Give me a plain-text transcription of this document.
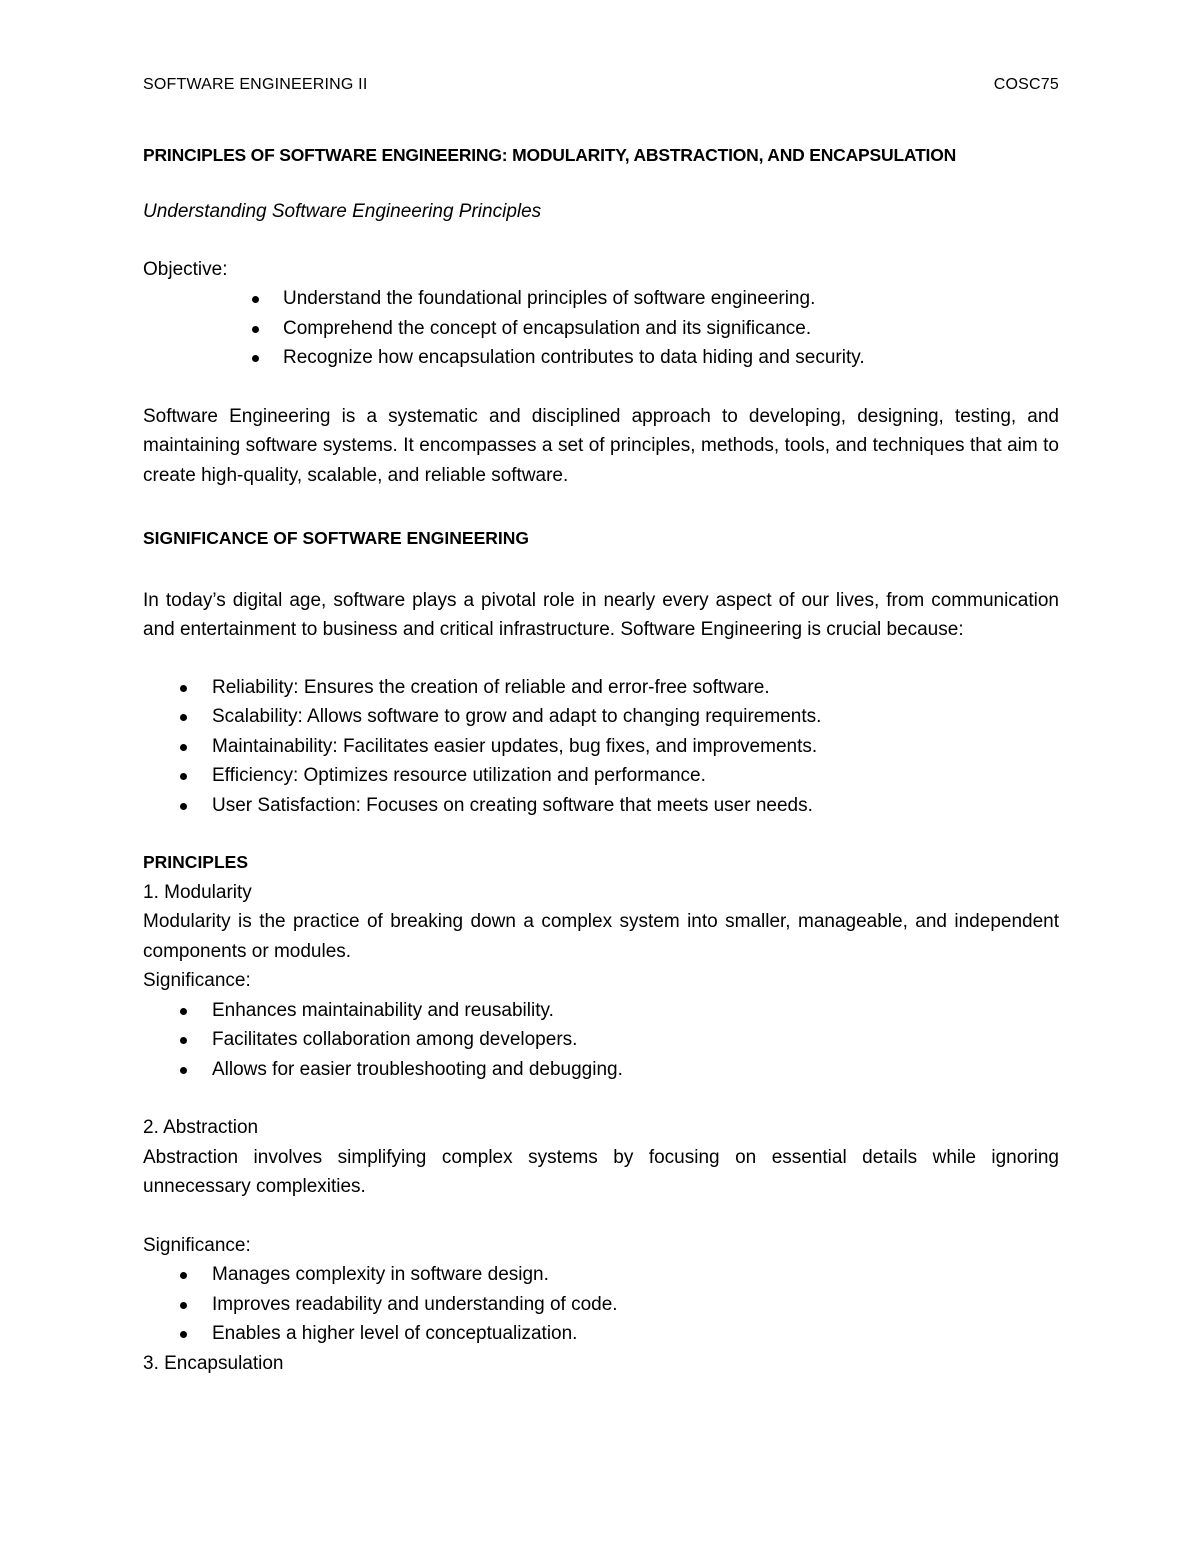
SOFTWARE ENGINEERING II	COSC75
PRINCIPLES OF SOFTWARE ENGINEERING: MODULARITY, ABSTRACTION, AND ENCAPSULATION
Understanding Software Engineering Principles
Objective:
Understand the foundational principles of software engineering.
Comprehend the concept of encapsulation and its significance.
Recognize how encapsulation contributes to data hiding and security.
Software Engineering is a systematic and disciplined approach to developing, designing, testing, and maintaining software systems. It encompasses a set of principles, methods, tools, and techniques that aim to create high-quality, scalable, and reliable software.
SIGNIFICANCE OF SOFTWARE ENGINEERING
In today’s digital age, software plays a pivotal role in nearly every aspect of our lives, from communication and entertainment to business and critical infrastructure. Software Engineering is crucial because:
Reliability: Ensures the creation of reliable and error-free software.
Scalability: Allows software to grow and adapt to changing requirements.
Maintainability: Facilitates easier updates, bug fixes, and improvements.
Efficiency: Optimizes resource utilization and performance.
User Satisfaction: Focuses on creating software that meets user needs.
PRINCIPLES
1. Modularity
Modularity is the practice of breaking down a complex system into smaller, manageable, and independent components or modules.
Significance:
Enhances maintainability and reusability.
Facilitates collaboration among developers.
Allows for easier troubleshooting and debugging.
2. Abstraction
Abstraction involves simplifying complex systems by focusing on essential details while ignoring unnecessary complexities.
Significance:
Manages complexity in software design.
Improves readability and understanding of code.
Enables a higher level of conceptualization.
3. Encapsulation
